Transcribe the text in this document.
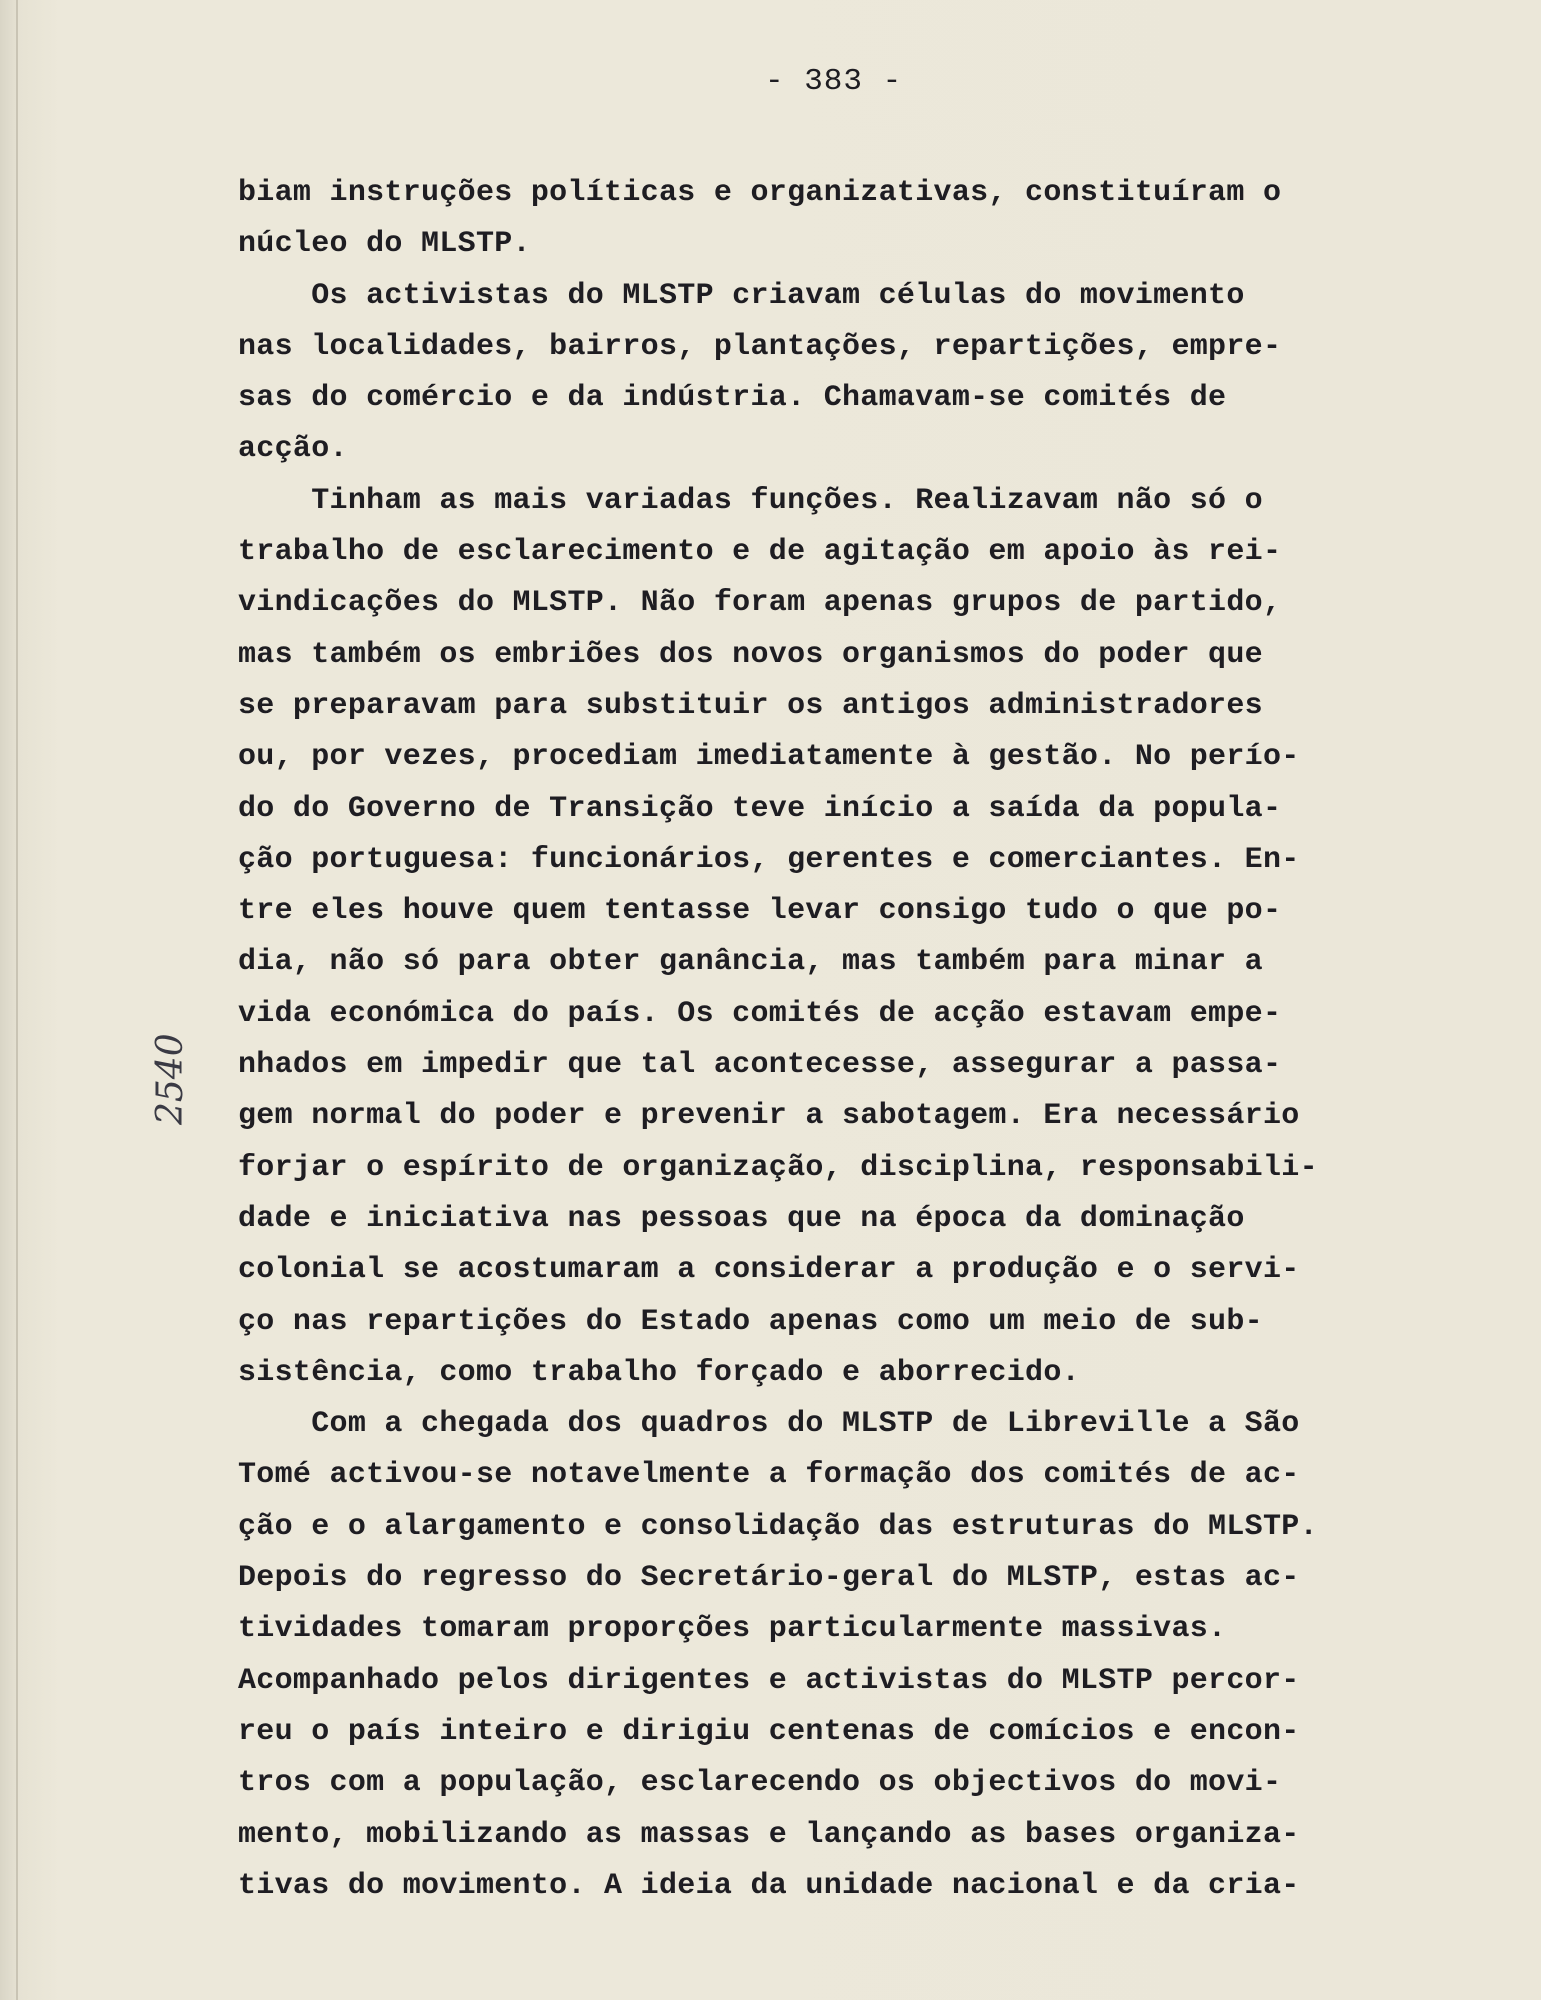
- 383 -
2540
biam instruções políticas e organizativas, constituíram o
núcleo do MLSTP.
Os activistas do MLSTP criavam células do movimento
nas localidades, bairros, plantações, repartições, empre-
sas do comércio e da indústria. Chamavam-se comités de
acção.
Tinham as mais variadas funções. Realizavam não só o
trabalho de esclarecimento e de agitação em apoio às rei-
vindicações do MLSTP. Não foram apenas grupos de partido,
mas também os embriões dos novos organismos do poder que
se preparavam para substituir os antigos administradores
ou, por vezes, procediam imediatamente à gestão. No perío-
do do Governo de Transição teve início a saída da popula-
ção portuguesa: funcionários, gerentes e comerciantes. En-
tre eles houve quem tentasse levar consigo tudo o que po-
dia, não só para obter ganância, mas também para minar a
vida económica do país. Os comités de acção estavam empe-
nhados em impedir que tal acontecesse, assegurar a passa-
gem normal do poder e prevenir a sabotagem. Era necessário
forjar o espírito de organização, disciplina, responsabili-
dade e iniciativa nas pessoas que na época da dominação
colonial se acostumaram a considerar a produção e o servi-
ço nas repartições do Estado apenas como um meio de sub-
sistência, como trabalho forçado e aborrecido.
Com a chegada dos quadros do MLSTP de Libreville a São
Tomé activou-se notavelmente a formação dos comités de ac-
ção e o alargamento e consolidação das estruturas do MLSTP.
Depois do regresso do Secretário-geral do MLSTP, estas ac-
tividades tomaram proporções particularmente massivas.
Acompanhado pelos dirigentes e activistas do MLSTP percor-
reu o país inteiro e dirigiu centenas de comícios e encon-
tros com a população, esclarecendo os objectivos do movi-
mento, mobilizando as massas e lançando as bases organiza-
tivas do movimento. A ideia da unidade nacional e da cria-
